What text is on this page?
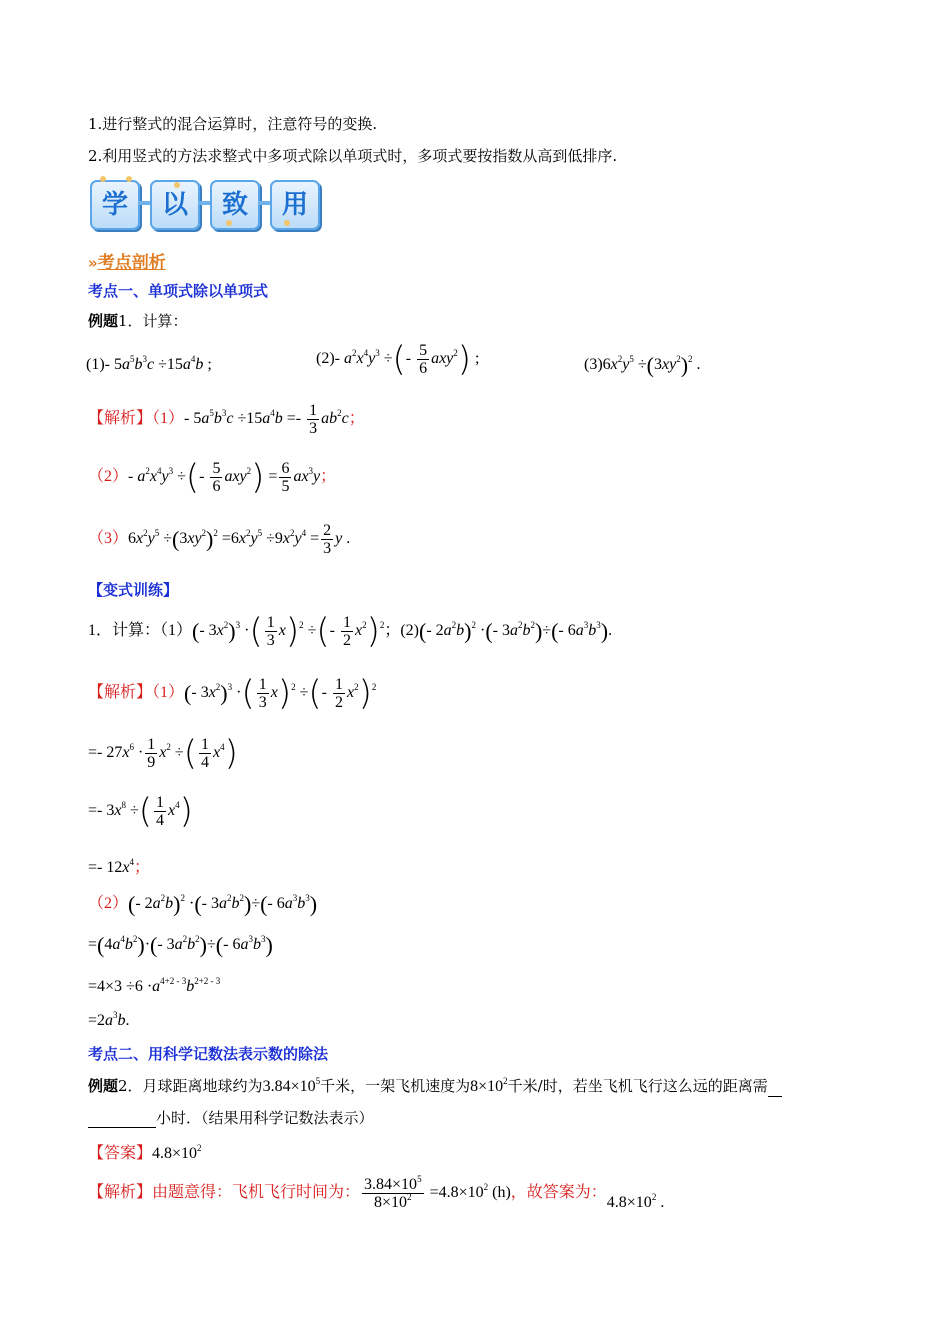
1.进行整式的混合运算时，注意符号的变换.
2.利用竖式的方法求整式中多项式除以单项式时，多项式要按指数从高到低排序.
学	以	致	用
»考点剖析
考点一、单项式除以单项式
例题1．计算：
(1)- $5a^5b^3c \div 15a^4b$ ;	(2)- $a^2x^4y^3$ ÷(- $\frac{5}{6} axy^2$) ;	$(3)6x^2y^5 \div(3xy^2)^2$ .
【解析】（1）- $5a^5b^3c \div 15a^4b =- \frac{1}{3} ab^2c$；
（2）- $a^2x^4y^3$ ÷(- $\frac{5}{6} axy^2) = \frac{6}{5} ax^3y$；
$(3)6x^2y^5 \div(3xy^2)^2 =6x^2y^5 \div 9x^2y^4 = \frac{2}{3}$ y .
【变式训练】
1．计算：（1）(- $3x^2)^3$ ·( $\frac{1}{3} x)^2$ ÷(- $\frac{1}{2} x^2)^2$；(2)(- $2a^2b)^2$ ·(- $3a^2b^2)\div(-$ $6a^3b^3$).
【解析】（1）(- $3x^2)^3$ ·( $\frac{1}{3} x)^2$ ÷(- $\frac{1}{2} x^2)^2$
=- $27x^6 \cdot \frac{1}{9} x^2$ ÷( $\frac{1}{4} x^4$)
=- $3x^8$ ÷( $\frac{1}{4} x^4$)
=- $12x^4$；
（2）(- $2a^2b)^2$ ·(- $3a^2b^2)\div(-$ $6a^3b^3$)
$=(4a^4b^2)\cdot(-$ $3a^2b^2)\div(-$ $6a^3b^3$)
$=4\times 3 \div 6 \cdot a^{4+2 - 3}b^{2+2 - 3}$
$=2a^3b$.
考点二、用科学记数法表示数的除法
例题2．月球距离地球约为$3.84\times 10^5$千米，一架飞机速度为$8\times 10^2$千米/时，若坐飞机飞行这么远的距离需
小时．（结果用科学记数法表示）
【答案】$4.8\times 10^2$
【解析】由题意得：飞机飞行时间为： $\frac{3.84\times 10^5}{8\times 10^2} =4.8\times 10^2$ (h)，故答案为：$4.8\times 10^2$ .
